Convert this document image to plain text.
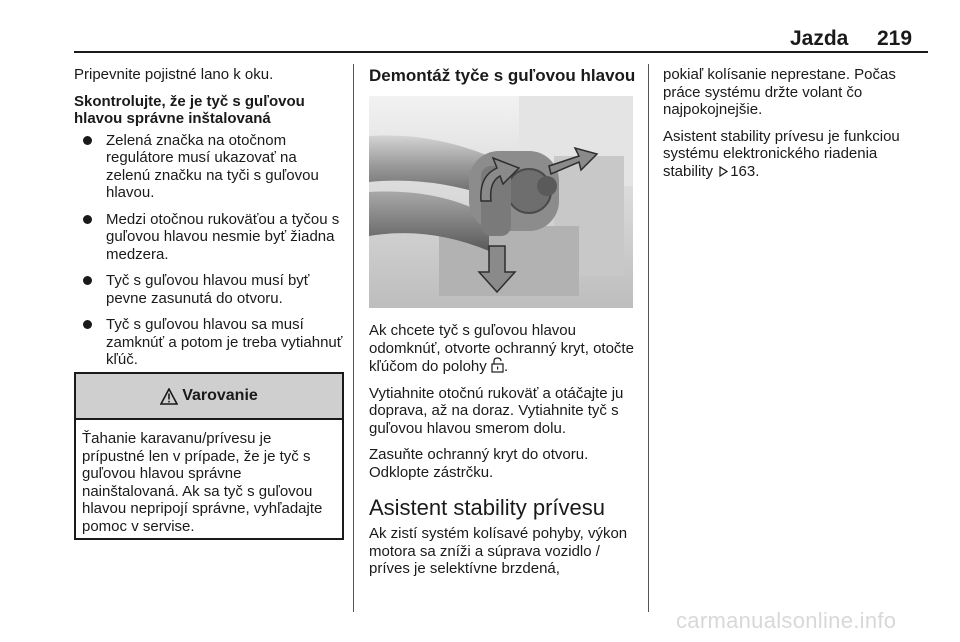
Jazda 219

Pripevnite pojistné lano k oku.

Skontrolujte, že je tyč s guľovou hlavou správne inštalovaná

Zelená značka na otočnom regulátore musí ukazovať na zelenú značku na tyči s guľovou hlavou.
Medzi otočnou rukoväťou a tyčou s guľovou hlavou nesmie byť žiadna medzera.
Tyč s guľovou hlavou musí byť pevne zasunutá do otvoru.
Tyč s guľovou hlavou sa musí zamknúť a potom je treba vytiahnuť kľúč.
Varovanie
Ťahanie karavanu/prívesu je prípustné len v prípade, že je tyč s guľovou hlavou správne nainštalovaná. Ak sa tyč s guľovou hlavou nepripojí správne, vyhľadajte pomoc v servise.
Demontáž tyče s guľovou hlavou

Ak chcete tyč s guľovou hlavou odomknúť, otvorte ochranný kryt, otočte kľúčom do polohy .

Vytiahnite otočnú rukoväť a otáčajte ju doprava, až na doraz. Vytiahnite tyč s guľovou hlavou smerom dolu.

Zasuňte ochranný kryt do otvoru. Odklopte zástrčku.

Asistent stability prívesu

Ak zistí systém kolísavé pohyby, výkon motora sa zníži a súprava vozidlo / príves je selektívne brzdená,

pokiaľ kolísanie neprestane. Počas práce systému držte volant čo najpokojnejšie.

Asistent stability prívesu je funkciou systému elektronického riadenia stability 163.

carmanualsonline.info
